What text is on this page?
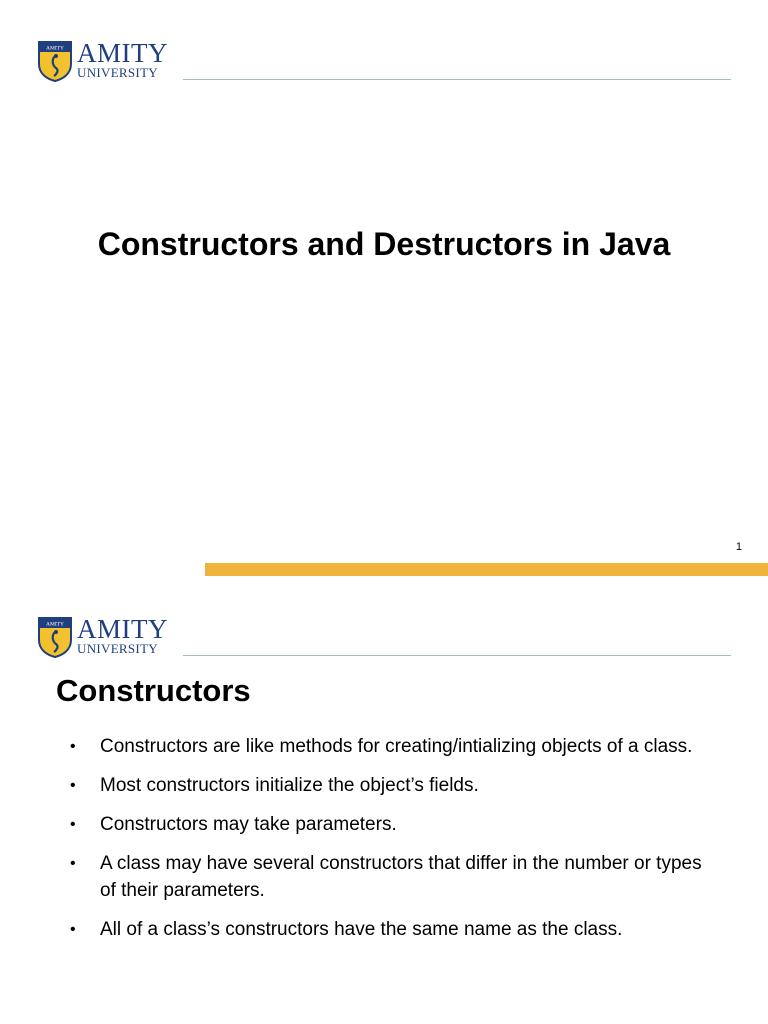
AMITY AMITY
UNIVERSITY
Constructors and Destructors in Java
1
AMITY AMITY
UNIVERSITY
Constructors
• Constructors are like methods for creating/intializing objects of a class.
• Most constructors initialize the object’s fields.
• Constructors may take parameters.
• A class may have several constructors that differ in the number or types of their parameters.
• All of a class’s constructors have the same name as the class.
